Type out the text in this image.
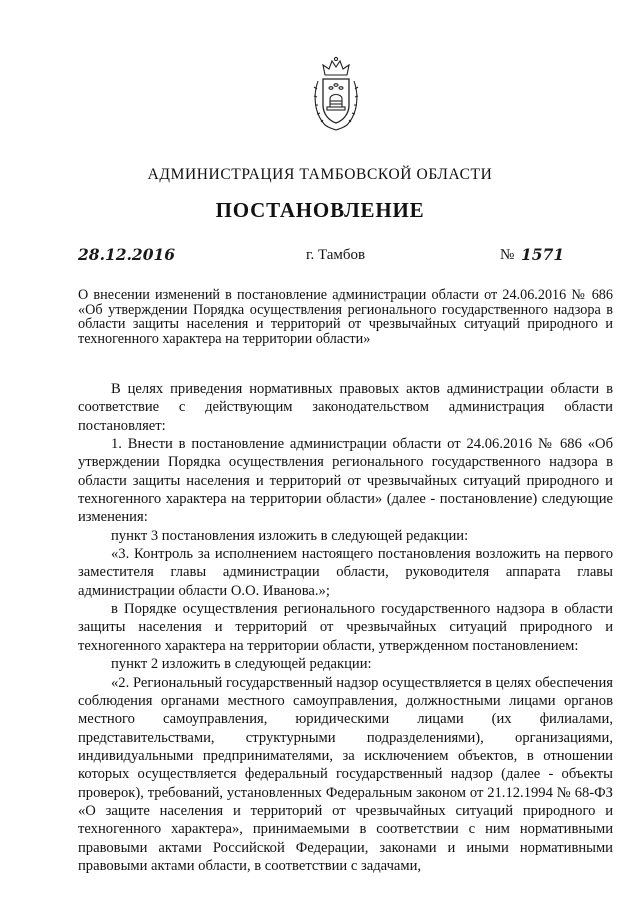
АДМИНИСТРАЦИЯ ТАМБОВСКОЙ ОБЛАСТИ
ПОСТАНОВЛЕНИЕ
28.12.2016	г. Тамбов	№ 1571
О внесении изменений в постановление администрации области от 24.06.2016 № 686 «Об утверждении Порядка осуществления регионального государственного надзора в области защиты населения и территорий от чрезвычайных ситуаций природного и техногенного характера на территории области»

В целях приведения нормативных правовых актов администрации области в соответствие с действующим законодательством администрация области постановляет:

1. Внести в постановление администрации области от 24.06.2016 № 686 «Об утверждении Порядка осуществления регионального государственного надзора в области защиты населения и территорий от чрезвычайных ситуаций природного и техногенного характера на территории области» (далее - постановление) следующие изменения:

пункт 3 постановления изложить в следующей редакции:

«3. Контроль за исполнением настоящего постановления возложить на первого заместителя главы администрации области, руководителя аппарата главы администрации области О.О. Иванова.»;

в Порядке осуществления регионального государственного надзора в области защиты населения и территорий от чрезвычайных ситуаций природного и техногенного характера на территории области, утвержденном постановлением:

пункт 2 изложить в следующей редакции:

«2. Региональный государственный надзор осуществляется в целях обеспечения соблюдения органами местного самоуправления, должностными лицами органов местного самоуправления, юридическими лицами (их филиалами, представительствами, структурными подразделениями), организациями, индивидуальными предпринимателями, за исключением объектов, в отношении которых осуществляется федеральный государственный надзор (далее - объекты проверок), требований, установленных Федеральным законом от 21.12.1994 № 68-ФЗ «О защите населения и территорий от чрезвычайных ситуаций природного и техногенного характера», принимаемыми в соответствии с ним нормативными правовыми актами Российской Федерации, законами и иными нормативными правовыми актами области, в соответствии с задачами,
